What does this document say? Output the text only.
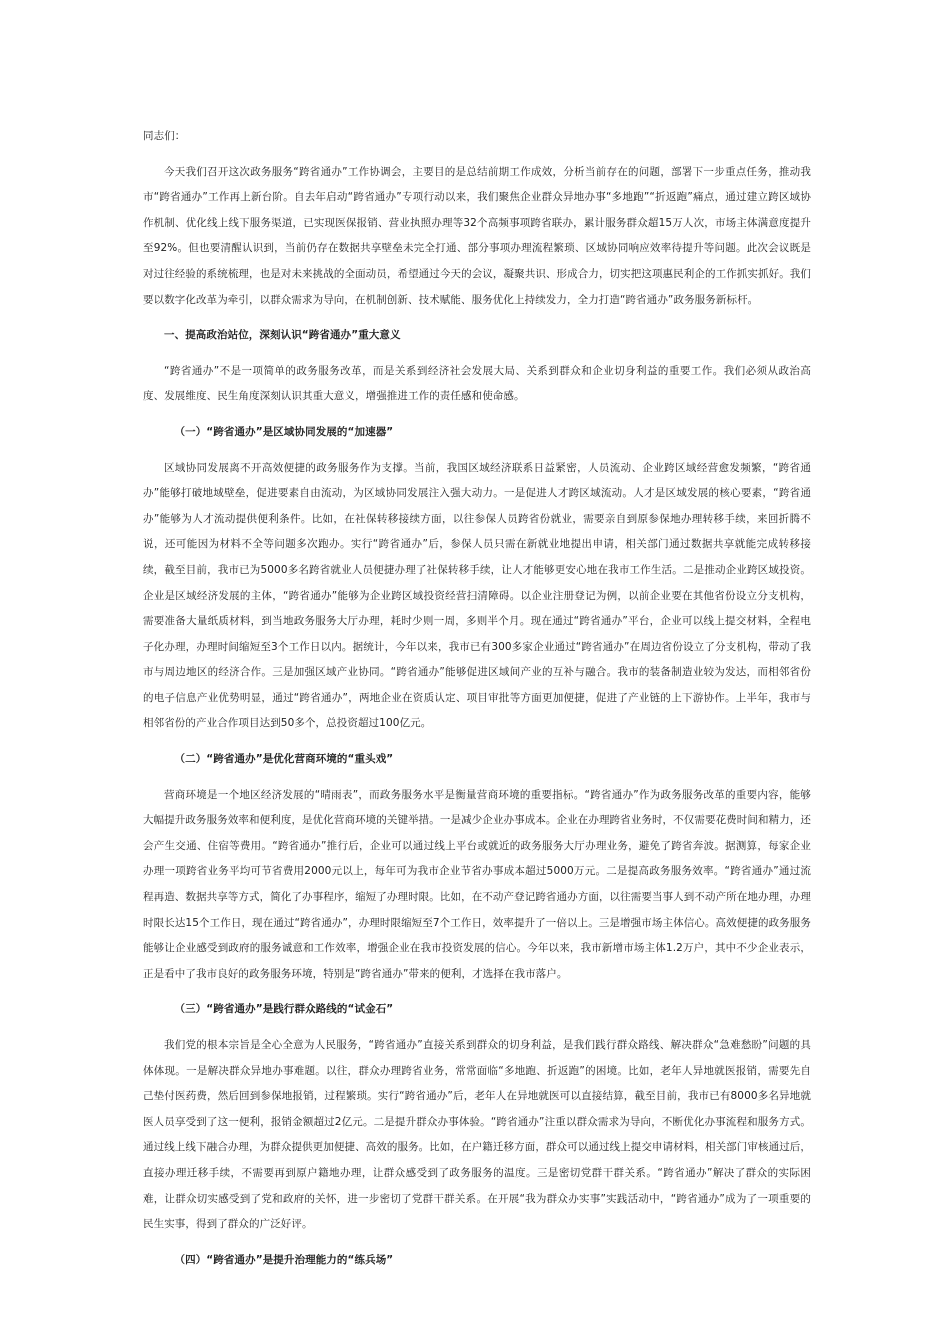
同志们：

今天我们召开这次政务服务“跨省通办”工作协调会，主要目的是总结前期工作成效，分析当前存在的问题，部署下一步重点任务，推动我市“跨省通办”工作再上新台阶。自去年启动“跨省通办”专项行动以来，我们聚焦企业群众异地办事“多地跑”“折返跑”痛点，通过建立跨区域协作机制、优化线上线下服务渠道，已实现医保报销、营业执照办理等32个高频事项跨省联办，累计服务群众超15万人次，市场主体满意度提升至92%。但也要清醒认识到，当前仍存在数据共享壁垒未完全打通、部分事项办理流程繁琐、区域协同响应效率待提升等问题。此次会议既是对过往经验的系统梳理，也是对未来挑战的全面动员，希望通过今天的会议，凝聚共识、形成合力，切实把这项惠民利企的工作抓实抓好。我们要以数字化改革为牵引，以群众需求为导向，在机制创新、技术赋能、服务优化上持续发力，全力打造“跨省通办”政务服务新标杆。

一、提高政治站位，深刻认识“跨省通办”重大意义

“跨省通办”不是一项简单的政务服务改革，而是关系到经济社会发展大局、关系到群众和企业切身利益的重要工作。我们必须从政治高度、发展维度、民生角度深刻认识其重大意义，增强推进工作的责任感和使命感。

（一）“跨省通办”是区域协同发展的“加速器”

区域协同发展离不开高效便捷的政务服务作为支撑。当前，我国区域经济联系日益紧密，人员流动、企业跨区域经营愈发频繁，“跨省通办”能够打破地域壁垒，促进要素自由流动，为区域协同发展注入强大动力。一是促进人才跨区域流动。人才是区域发展的核心要素，“跨省通办”能够为人才流动提供便利条件。比如，在社保转移接续方面，以往参保人员跨省份就业，需要亲自到原参保地办理转移手续，来回折腾不说，还可能因为材料不全等问题多次跑办。实行“跨省通办”后，参保人员只需在新就业地提出申请，相关部门通过数据共享就能完成转移接续，截至目前，我市已为5000多名跨省就业人员便捷办理了社保转移手续，让人才能够更安心地在我市工作生活。二是推动企业跨区域投资。企业是区域经济发展的主体，“跨省通办”能够为企业跨区域投资经营扫清障碍。以企业注册登记为例，以前企业要在其他省份设立分支机构，需要准备大量纸质材料，到当地政务服务大厅办理，耗时少则一周，多则半个月。现在通过“跨省通办”平台，企业可以线上提交材料，全程电子化办理，办理时间缩短至3个工作日以内。据统计，今年以来，我市已有300多家企业通过“跨省通办”在周边省份设立了分支机构，带动了我市与周边地区的经济合作。三是加强区域产业协同。“跨省通办”能够促进区域间产业的互补与融合。我市的装备制造业较为发达，而相邻省份的电子信息产业优势明显，通过“跨省通办”，两地企业在资质认定、项目审批等方面更加便捷，促进了产业链的上下游协作。上半年，我市与相邻省份的产业合作项目达到50多个，总投资超过100亿元。

（二）“跨省通办”是优化营商环境的“重头戏”

营商环境是一个地区经济发展的“晴雨表”，而政务服务水平是衡量营商环境的重要指标。“跨省通办”作为政务服务改革的重要内容，能够大幅提升政务服务效率和便利度，是优化营商环境的关键举措。一是减少企业办事成本。企业在办理跨省业务时，不仅需要花费时间和精力，还会产生交通、住宿等费用。“跨省通办”推行后，企业可以通过线上平台或就近的政务服务大厅办理业务，避免了跨省奔波。据测算，每家企业办理一项跨省业务平均可节省费用2000元以上，每年可为我市企业节省办事成本超过5000万元。二是提高政务服务效率。“跨省通办”通过流程再造、数据共享等方式，简化了办事程序，缩短了办理时限。比如，在不动产登记跨省通办方面，以往需要当事人到不动产所在地办理，办理时限长达15个工作日，现在通过“跨省通办”，办理时限缩短至7个工作日，效率提升了一倍以上。三是增强市场主体信心。高效便捷的政务服务能够让企业感受到政府的服务诚意和工作效率，增强企业在我市投资发展的信心。今年以来，我市新增市场主体1.2万户，其中不少企业表示，正是看中了我市良好的政务服务环境，特别是“跨省通办”带来的便利，才选择在我市落户。

（三）“跨省通办”是践行群众路线的“试金石”

我们党的根本宗旨是全心全意为人民服务，“跨省通办”直接关系到群众的切身利益，是我们践行群众路线、解决群众“急难愁盼”问题的具体体现。一是解决群众异地办事难题。以往，群众办理跨省业务，常常面临“多地跑、折返跑”的困境。比如，老年人异地就医报销，需要先自己垫付医药费，然后回到参保地报销，过程繁琐。实行“跨省通办”后，老年人在异地就医可以直接结算，截至目前，我市已有8000多名异地就医人员享受到了这一便利，报销金额超过2亿元。二是提升群众办事体验。“跨省通办”注重以群众需求为导向，不断优化办事流程和服务方式。通过线上线下融合办理，为群众提供更加便捷、高效的服务。比如，在户籍迁移方面，群众可以通过线上提交申请材料，相关部门审核通过后，直接办理迁移手续，不需要再到原户籍地办理，让群众感受到了政务服务的温度。三是密切党群干群关系。“跨省通办”解决了群众的实际困难，让群众切实感受到了党和政府的关怀，进一步密切了党群干群关系。在开展“我为群众办实事”实践活动中，“跨省通办”成为了一项重要的民生实事，得到了群众的广泛好评。

（四）“跨省通办”是提升治理能力的“练兵场”
